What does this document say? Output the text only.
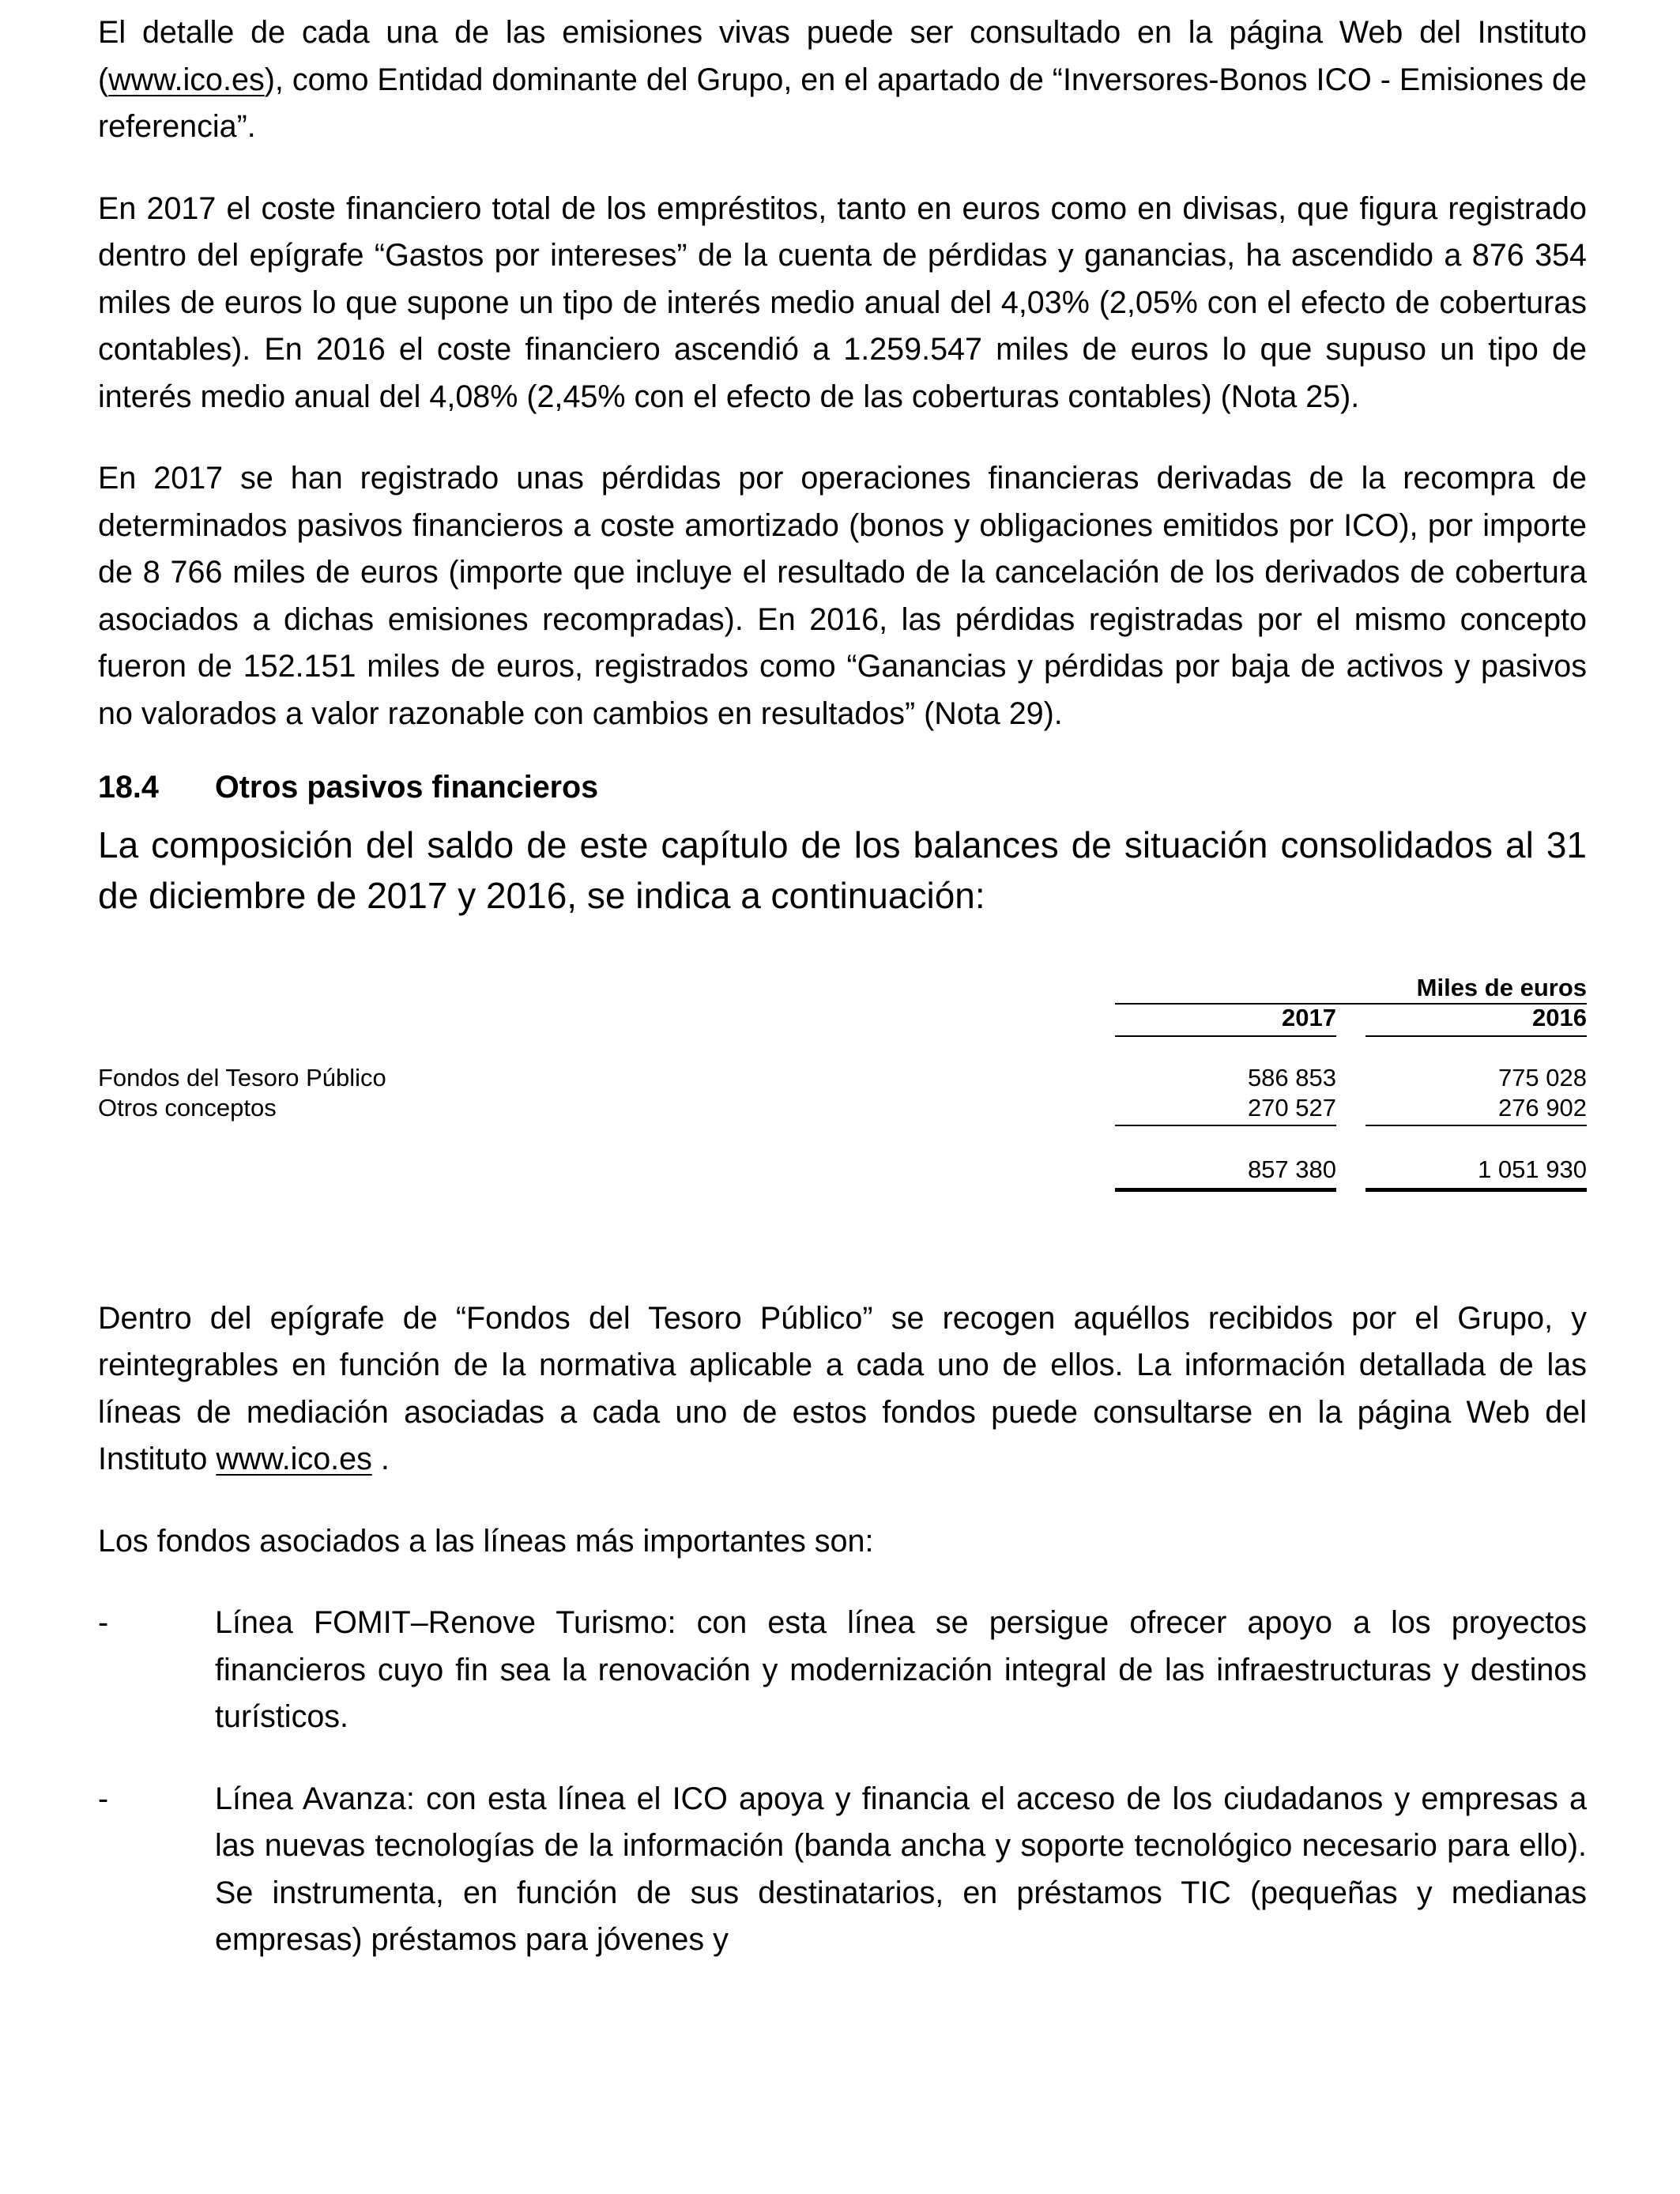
El detalle de cada una de las emisiones vivas puede ser consultado en la página Web del Instituto (www.ico.es), como Entidad dominante del Grupo, en el apartado de “Inversores-Bonos ICO - Emisiones de referencia”.

En 2017 el coste financiero total de los empréstitos, tanto en euros como en divisas, que figura registrado dentro del epígrafe “Gastos por intereses” de la cuenta de pérdidas y ganancias, ha ascendido a 876 354 miles de euros lo que supone un tipo de interés medio anual del 4,03% (2,05% con el efecto de coberturas contables). En 2016 el coste financiero ascendió a 1.259.547 miles de euros lo que supuso un tipo de interés medio anual del 4,08% (2,45% con el efecto de las coberturas contables) (Nota 25).

En 2017 se han registrado unas pérdidas por operaciones financieras derivadas de la recompra de determinados pasivos financieros a coste amortizado (bonos y obligaciones emitidos por ICO), por importe de 8 766 miles de euros (importe que incluye el resultado de la cancelación de los derivados de cobertura asociados a dichas emisiones recompradas). En 2016, las pérdidas registradas por el mismo concepto fueron de 152.151 miles de euros, registrados como “Ganancias y pérdidas por baja de activos y pasivos no valorados a valor razonable con cambios en resultados” (Nota 29).

18.4 Otros pasivos financieros

La composición del saldo de este capítulo de los balances de situación consolidados al 31 de diciembre de 2017 y 2016, se indica a continuación:

Miles de euros
2017	2016
Fondos del Tesoro Público	586 853	775 028
Otros conceptos	270 527	276 902
857 380	1 051 930

Dentro del epígrafe de “Fondos del Tesoro Público” se recogen aquéllos recibidos por el Grupo, y reintegrables en función de la normativa aplicable a cada uno de ellos. La información detallada de las líneas de mediación asociadas a cada uno de estos fondos puede consultarse en la página Web del Instituto www.ico.es .

Los fondos asociados a las líneas más importantes son:

-	Línea FOMIT–Renove Turismo: con esta línea se persigue ofrecer apoyo a los proyectos financieros cuyo fin sea la renovación y modernización integral de las infraestructuras y destinos turísticos.

-	Línea Avanza: con esta línea el ICO apoya y financia el acceso de los ciudadanos y empresas a las nuevas tecnologías de la información (banda ancha y soporte tecnológico necesario para ello). Se instrumenta, en función de sus destinatarios, en préstamos TIC (pequeñas y medianas empresas) préstamos para jóvenes y
